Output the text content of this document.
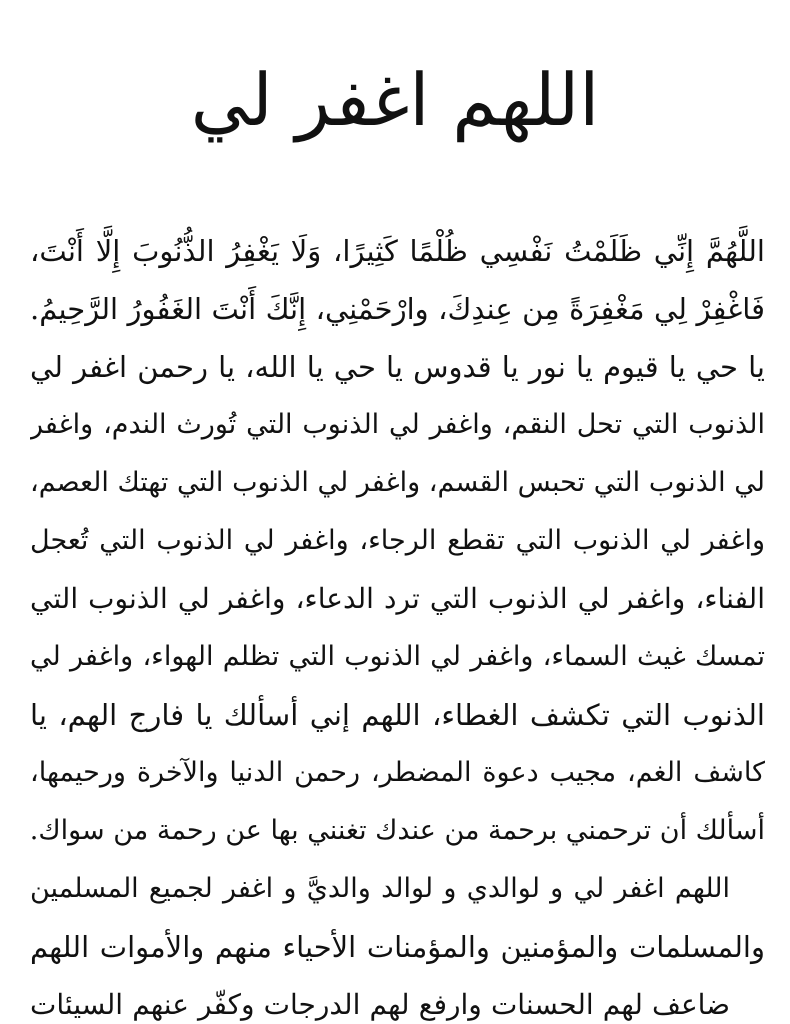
اللهم اغفر لي
اللَّهُمَّ إِنِّي ظَلَمْتُ نَفْسِي ظُلْمًا كَثِيرًا، وَلَا يَغْفِرُ الذُّنُوبَ إِلَّا أَنْتَ،
فَاغْفِرْ لِي مَغْفِرَةً مِن عِندِكَ، وارْحَمْنِي، إِنَّكَ أَنْتَ الغَفُورُ الرَّحِيمُ.
يا حي يا قيوم يا نور يا قدوس يا حي يا الله، يا رحمن اغفر لي
الذنوب التي تحل النقم، واغفر لي الذنوب التي تُورث الندم، واغفر
لي الذنوب التي تحبس القسم، واغفر لي الذنوب التي تهتك العصم،
واغفر لي الذنوب التي تقطع الرجاء، واغفر لي الذنوب التي تُعجل
الفناء، واغفر لي الذنوب التي ترد الدعاء، واغفر لي الذنوب التي
تمسك غيث السماء، واغفر لي الذنوب التي تظلم الهواء، واغفر لي
الذنوب التي تكشف الغطاء، اللهم إني أسألك يا فارج الهم، يا
كاشف الغم، مجيب دعوة المضطر، رحمن الدنيا والآخرة ورحيمها،
أسألك أن ترحمني برحمة من عندك تغنني بها عن رحمة من سواك.
اللهم اغفر لي و لوالدي و لوالد والديَّ و اغفر لجميع المسلمين
والمسلمات والمؤمنين والمؤمنات الأحياء منهم والأموات اللهم
ضاعف لهم الحسنات وارفع لهم الدرجات وكفّر عنهم السيئات
